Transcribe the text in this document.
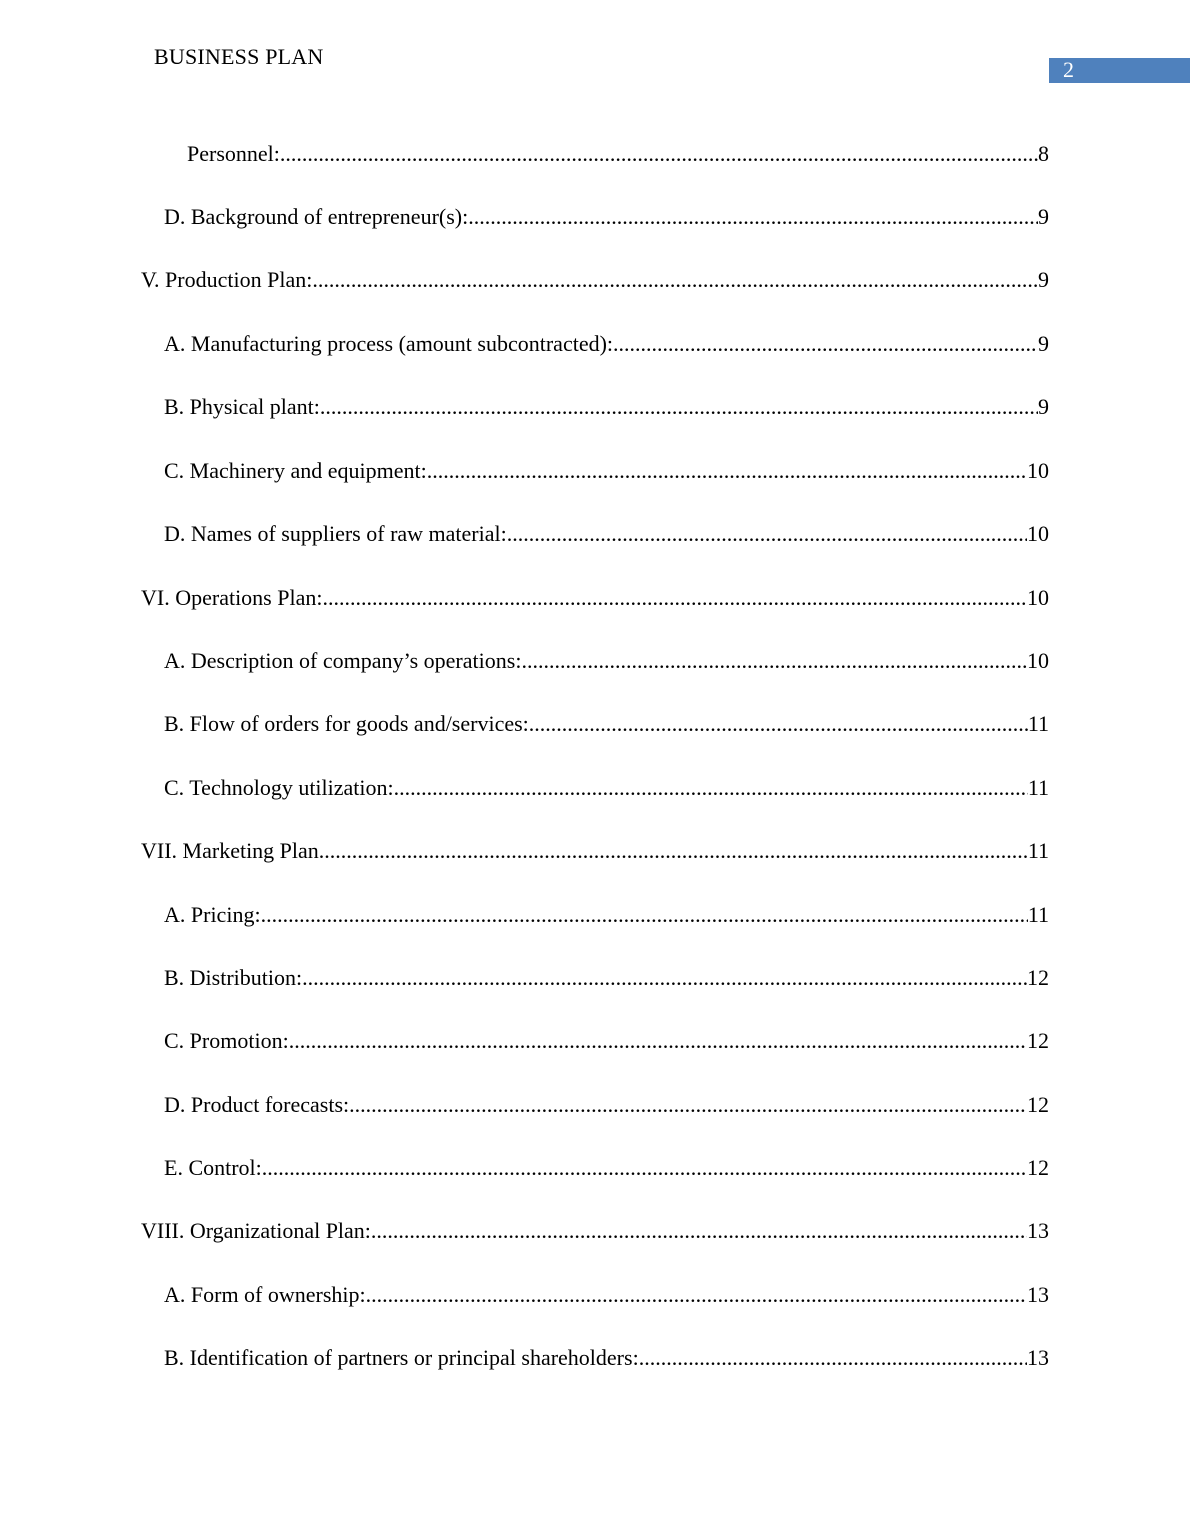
BUSINESS PLAN
2
Personnel: .....	8
D. Background of entrepreneur(s): .....	9
V. Production Plan: .....	9
A. Manufacturing process (amount subcontracted): .....	9
B. Physical plant: .....	9
C. Machinery and equipment: .....	10
D. Names of suppliers of raw material: .....	10
VI. Operations Plan: .....	10
A. Description of company’s operations: .....	10
B. Flow of orders for goods and/services: .....	11
C. Technology utilization: .....	11
VII. Marketing Plan .....	11
A. Pricing: .....	11
B. Distribution: .....	12
C. Promotion: .....	12
D. Product forecasts: .....	12
E. Control: .....	12
VIII. Organizational Plan: .....	13
A. Form of ownership: .....	13
B. Identification of partners or principal shareholders: .....	13
